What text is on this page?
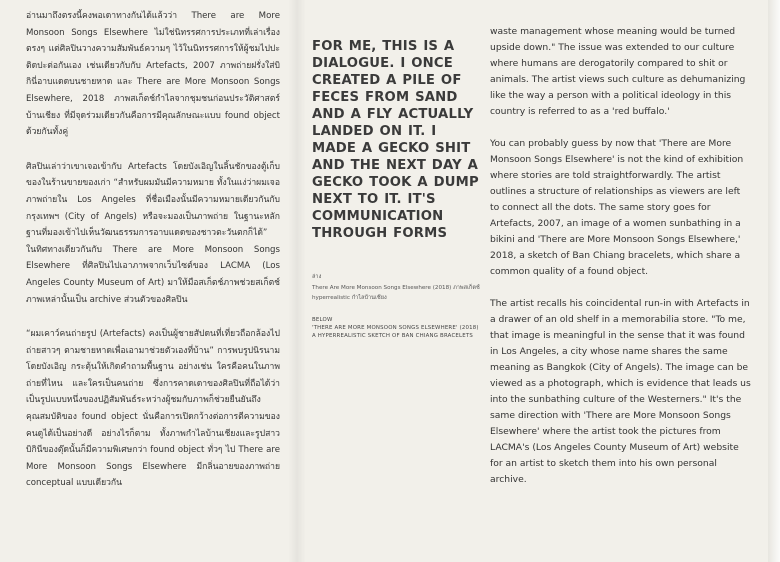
อ่านมาถึงตรงนี้คงพอเดาทางกันได้แล้วว่า There are More Monsoon Songs Elsewhere ไม่ใช่นิทรรศการประเภทที่เล่าเรื่องตรงๆ แต่ศิลปินวางความสัมพันธ์ความๆ ไว้ในนิทรรศการให้ผู้ชมไปปะติดปะต่อกันเอง เช่นเดียวกับกับ Artefacts, 2007 ภาพถ่ายฝรั่งใส่บิกินี่อาบแดดบนชายหาด และ There are More Monsoon Songs Elsewhere, 2018 ภาพสเก็ตช์กำไลจากชุมชนก่อนประวัติศาสตร์บ้านเชียง ที่มีจุดร่วมเดียวกันคือการมีคุณลักษณะแบบ found object ด้วยกันทั้งคู่

ศิลปินเล่าว่าเขาเจอเข้ากับ Artefacts โดยบังเอิญในลิ้นชักของตู้เก็บของในร้านขายของเก่า “สำหรับผมมันมีความหมาย ทั้งในแง่ว่าผมเจอภาพถ่ายใน Los Angeles ที่ชื่อเมืองนั้นมีความหมายเดียวกันกับกรุงเทพฯ (City of Angels) หรือจะมองเป็นภาพถ่าย ในฐานะหลักฐานที่มองเข้าไปเห็นวัฒนธรรมการอาบแดดของชาวตะวันตกก็ได้” ในทิศทางเดียวกันกับ There are More Monsoon Songs Elsewhere ที่ศิลปินไปเอาภาพจากเว็บไซต์ของ LACMA (Los Angeles County Museum of Art) มาให้มือสเก็ตช์ภาพช่วยสเก็ตช์ภาพเหล่านั้นเป็น archive ส่วนตัวของศิลปิน

“ผมเคาว์คนถ่ายรูป (Artefacts) คงเป็นผู้ชายสัปดนที่เที่ยวถือกล้องไปถ่ายสาวๆ ตามชายหาดเพื่อเอามาช่วยตัวเองที่บ้าน” การพบรูปนิรนามโดยบังเอิญ กระตุ้นให้เกิดคำถามพื้นฐาน อย่างเช่น ใครคือคนในภาพ ถ่ายที่ไหน และใครเป็นคนถ่าย ซึ่งการคาดเดาของศิลปินที่ถือได้ว่าเป็นรูปแบบหนึ่งของปฏิสัมพันธ์ระหว่างผู้ชมกับภาพก็ช่วยยืนยันถึงคุณสมบัติของ found object นั่นคือการเปิดกว้างต่อการตีความของคนดูได้เป็นอย่างดี อย่างไรก็ตาม ทั้งภาพกำไลบ้านเชียงและรูปสาวบิกินีของตุ๊ดนั้นก็มีความพิเศษกว่า found object ทั่วๆ ไป There are More Monsoon Songs Elsewhere มีกลิ่นอายของภาพถ่าย conceptual แบบเดียวกัน

FOR ME, THIS IS A DIALOGUE. I ONCE CREATED A PILE OF FECES FROM SAND AND A FLY ACTUALLY LANDED ON IT. I MADE A GECKO SHIT AND THE NEXT DAY A GECKO TOOK A DUMP NEXT TO IT. IT'S COMMUNICATION THROUGH FORMS

ล่าง
There Are More Monsoon Songs Elsewhere (2018) ภาพสเก็ตช์ hyperrealistic กำไลบ้านเชียง
BELOW
'THERE ARE MORE MONSOON SONGS ELSEWHERE' (2018) A HYPERREALISTIC SKETCH OF BAN CHIANG BRACELETS

waste management whose meaning would be turned upside down." The issue was extended to our culture where humans are derogatorily compared to shit or animals. The artist views such culture as dehumanizing like the way a person with a political ideology in this country is referred to as a 'red buffalo.'

You can probably guess by now that 'There are More Monsoon Songs Elsewhere' is not the kind of exhibition where stories are told straightforwardly. The artist outlines a structure of relationships as viewers are left to connect all the dots. The same story goes for Artefacts, 2007, an image of a women sunbathing in a bikini and 'There are More Monsoon Songs Elsewhere,' 2018, a sketch of Ban Chiang bracelets, which share a common quality of a found object.

The artist recalls his coincidental run-in with Artefacts in a drawer of an old shelf in a memorabilia store. "To me, that image is meaningful in the sense that it was found in Los Angeles, a city whose name shares the same meaning as Bangkok (City of Angels). The image can be viewed as a photograph, which is evidence that leads us into the sunbathing culture of the Westerners." It's the same direction with 'There are More Monsoon Songs Elsewhere' where the artist took the pictures from LACMA's (Los Angeles County Museum of Art) website for an artist to sketch them into his own personal archive.
